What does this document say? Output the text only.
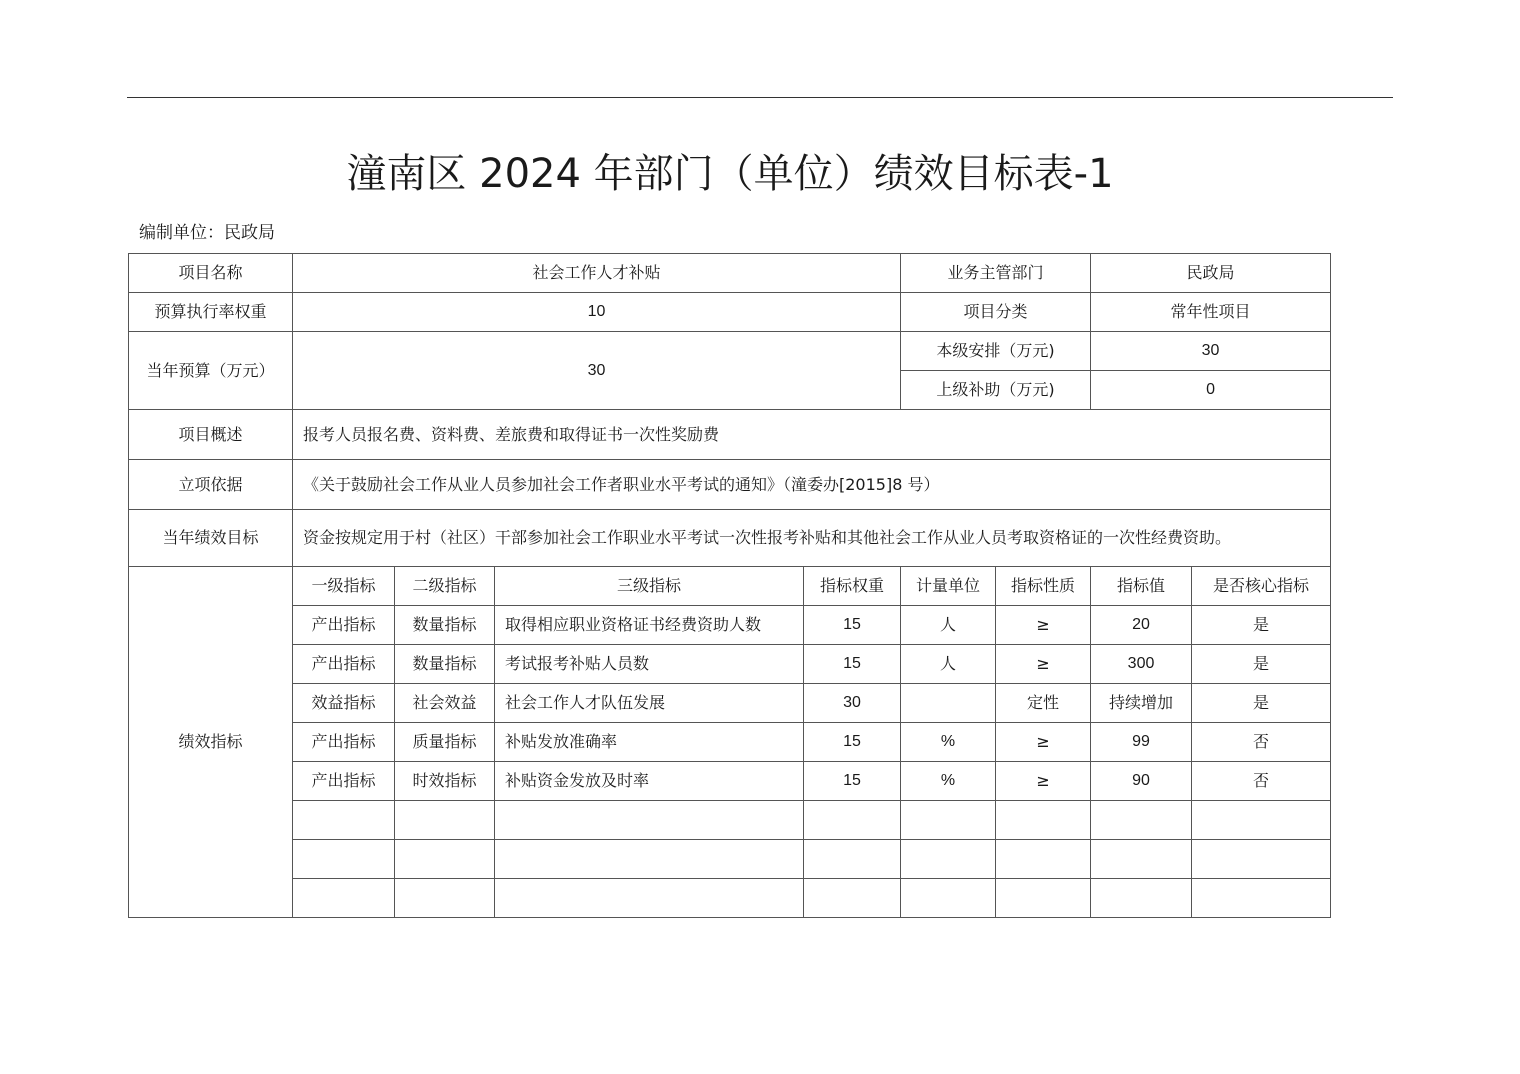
潼南区 2024 年部门（单位）绩效目标表-1
编制单位：民政局
项目名称	社会工作人才补贴				业务主管部门		民政局	
预算执行率权重	10				项目分类		常年性项目	
当年预算（万元）	30				本级安排（万元)		30	
					上级补助（万元)		0	
项目概述	报考人员报名费、资料费、差旅费和取得证书一次性奖励费							
立项依据	《关于鼓励社会工作从业人员参加社会工作者职业水平考试的通知》（潼委办[2015]8 号）							
当年绩效目标	资金按规定用于村（社区）干部参加社会工作职业水平考试一次性报考补贴和其他社会工作从业人员考取资格证的一次性经费资助。							
绩效指标	一级指标	二级指标	三级指标	指标权重	计量单位	指标性质	指标值	是否核心指标
	产出指标	数量指标	取得相应职业资格证书经费资助人数	15	人	≥	20	是
	产出指标	数量指标	考试报考补贴人员数	15	人	≥	300	是
	效益指标	社会效益	社会工作人才队伍发展	30		定性	持续增加	是
	产出指标	质量指标	补贴发放准确率	15	%	≥	99	否
	产出指标	时效指标	补贴资金发放及时率	15	%	≥	90	否
